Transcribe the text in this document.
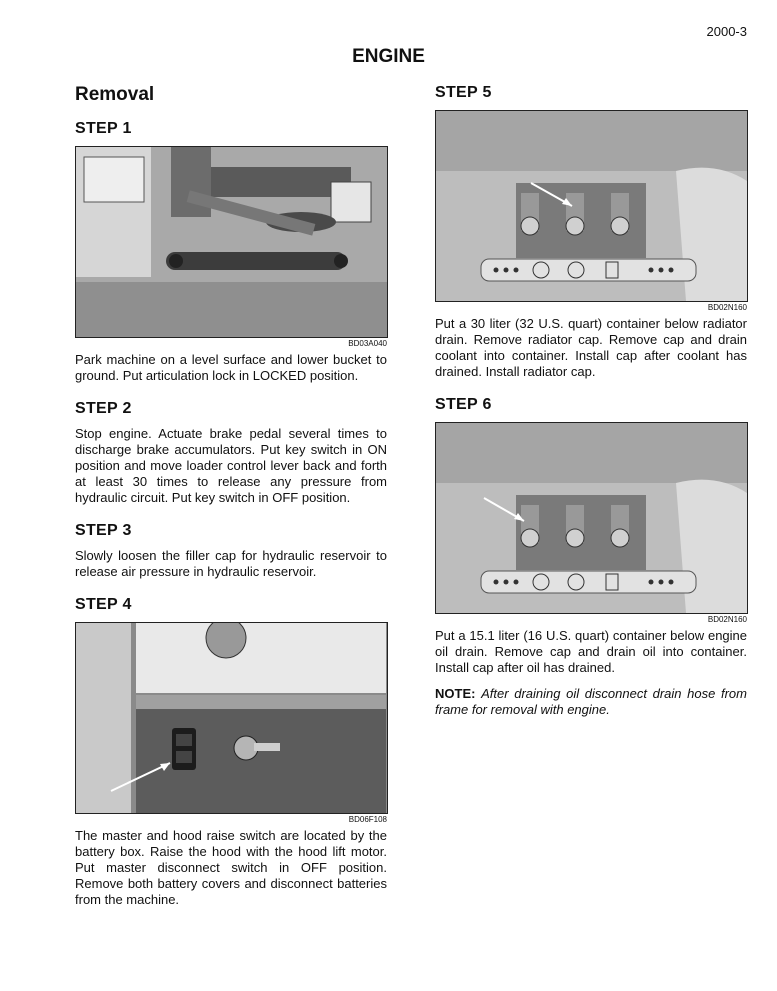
2000-3
ENGINE
Removal
STEP 1
BD03A040

Park machine on a level surface and lower bucket to ground. Put articulation lock in LOCKED position.

STEP 2

Stop engine. Actuate brake pedal several times to discharge brake accumulators. Put key switch in ON position and move loader control lever back and forth at least 30 times to release any pressure from hydraulic circuit. Put key switch in OFF position.

STEP 3

Slowly loosen the filler cap for hydraulic reservoir to release air pressure in hydraulic reservoir.

STEP 4
BD06F108

The master and hood raise switch are located by the battery box. Raise the hood with the hood lift motor. Put master disconnect switch in OFF position. Remove both battery covers and disconnect batteries from the machine.

STEP 5
BD02N160

Put a 30 liter (32 U.S. quart) container below radiator drain. Remove radiator cap. Remove cap and drain coolant into container. Install cap after coolant has drained. Install radiator cap.

STEP 6
BD02N160

Put a 15.1 liter (16 U.S. quart) container below engine oil drain. Remove cap and drain oil into container. Install cap after oil has drained.

NOTE: After draining oil disconnect drain hose from frame for removal with engine.
